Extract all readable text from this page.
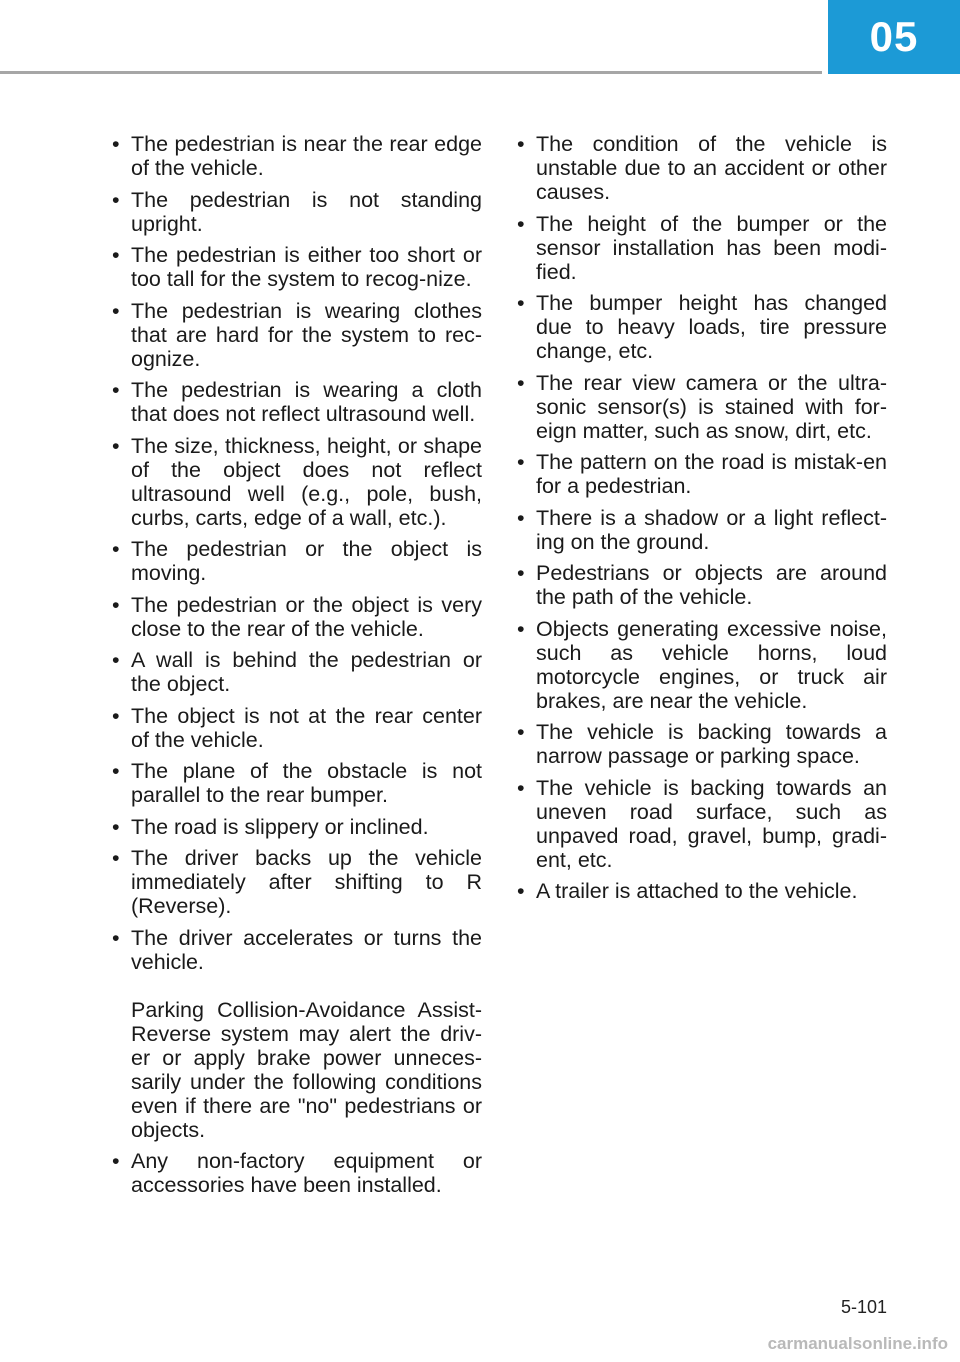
05
• The pedestrian is near the rear edge of the vehicle.
• The pedestrian is not standing upright.
• The pedestrian is either too short or too tall for the system to recog-nize.
• The pedestrian is wearing clothes that are hard for the system to rec-ognize.
• The pedestrian is wearing a cloth that does not reflect ultrasound well.
• The size, thickness, height, or shape of the object does not reflect ultrasound well (e.g., pole, bush, curbs, carts, edge of a wall, etc.).
• The pedestrian or the object is moving.
• The pedestrian or the object is very close to the rear of the vehicle.
• A wall is behind the pedestrian or the object.
• The object is not at the rear center of the vehicle.
• The plane of the obstacle is not parallel to the rear bumper.
• The road is slippery or inclined.
• The driver backs up the vehicle immediately after shifting to R (Reverse).
• The driver accelerates or turns the vehicle.

Parking Collision-Avoidance Assist-Reverse system may alert the driv-er or apply brake power unneces-sarily under the following conditions even if there are "no" pedestrians or objects.

• Any non-factory equipment or accessories have been installed.
• The condition of the vehicle is unstable due to an accident or other causes.
• The height of the bumper or the sensor installation has been modi-fied.
• The bumper height has changed due to heavy loads, tire pressure change, etc.
• The rear view camera or the ultra-sonic sensor(s) is stained with for-eign matter, such as snow, dirt, etc.
• The pattern on the road is mistak-en for a pedestrian.
• There is a shadow or a light reflect-ing on the ground.
• Pedestrians or objects are around the path of the vehicle.
• Objects generating excessive noise, such as vehicle horns, loud motorcycle engines, or truck air brakes, are near the vehicle.
• The vehicle is backing towards a narrow passage or parking space.
• The vehicle is backing towards an uneven road surface, such as unpaved road, gravel, bump, gradi-ent, etc.
• A trailer is attached to the vehicle.
5-101
carmanualsonline.info
